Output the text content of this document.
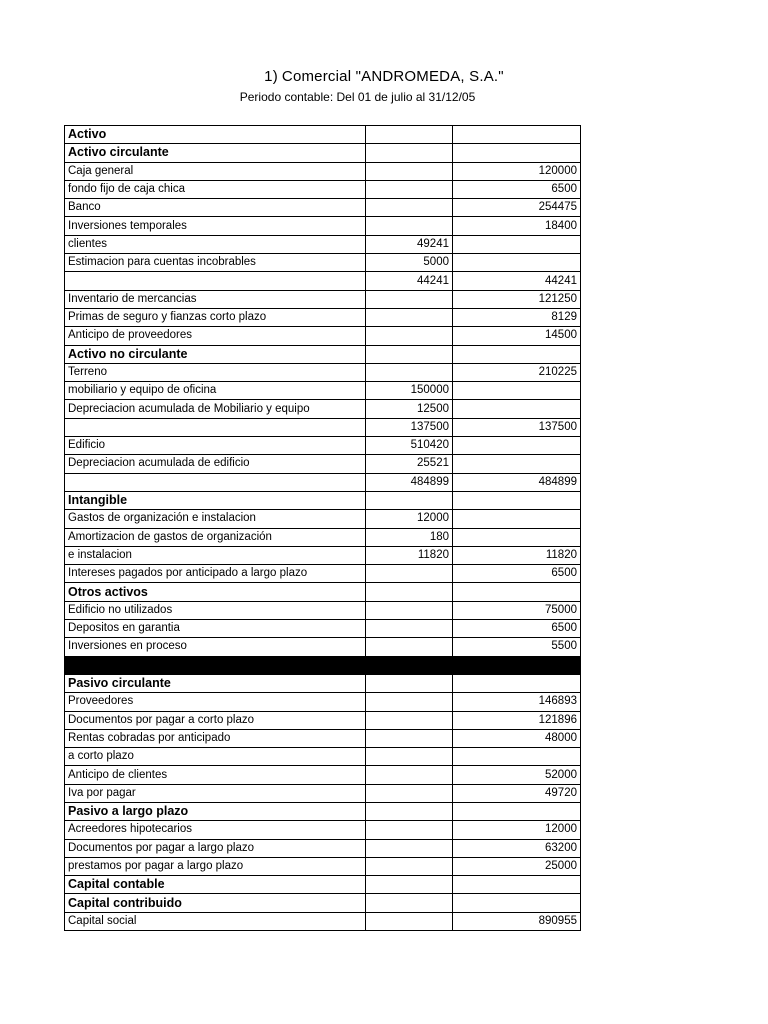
1) Comercial "ANDROMEDA, S.A."
Periodo contable: Del 01 de julio al 31/12/05
Activo		
Activo circulante		
Caja general		120000
fondo fijo de caja chica		6500
Banco		254475
Inversiones temporales		18400
clientes	49241	
Estimacion para cuentas incobrables	5000	
	44241	44241
Inventario de mercancias		121250
Primas de seguro y fianzas corto plazo		8129
Anticipo de proveedores		14500
Activo no circulante		
Terreno		210225
mobiliario y equipo de oficina	150000	
Depreciacion acumulada de Mobiliario y equipo	12500	
	137500	137500
Edificio	510420	
Depreciacion acumulada de edificio	25521	
	484899	484899
Intangible		
Gastos de organización e instalacion	12000	
Amortizacion de gastos de organización	180	
e instalacion	11820	11820
Intereses pagados por anticipado a largo plazo		6500
Otros activos		
Edificio no utilizados		75000
Depositos en garantia		6500
Inversiones en proceso		5500

Pasivo circulante		
Proveedores		146893
Documentos por pagar a corto plazo		121896
Rentas cobradas por anticipado		48000
a corto plazo		
Anticipo de clientes		52000
Iva por pagar		49720
Pasivo a largo plazo		
Acreedores hipotecarios		12000
Documentos por pagar a largo plazo		63200
prestamos por pagar a largo plazo		25000
Capital contable		
Capital contribuido		
Capital social		890955
